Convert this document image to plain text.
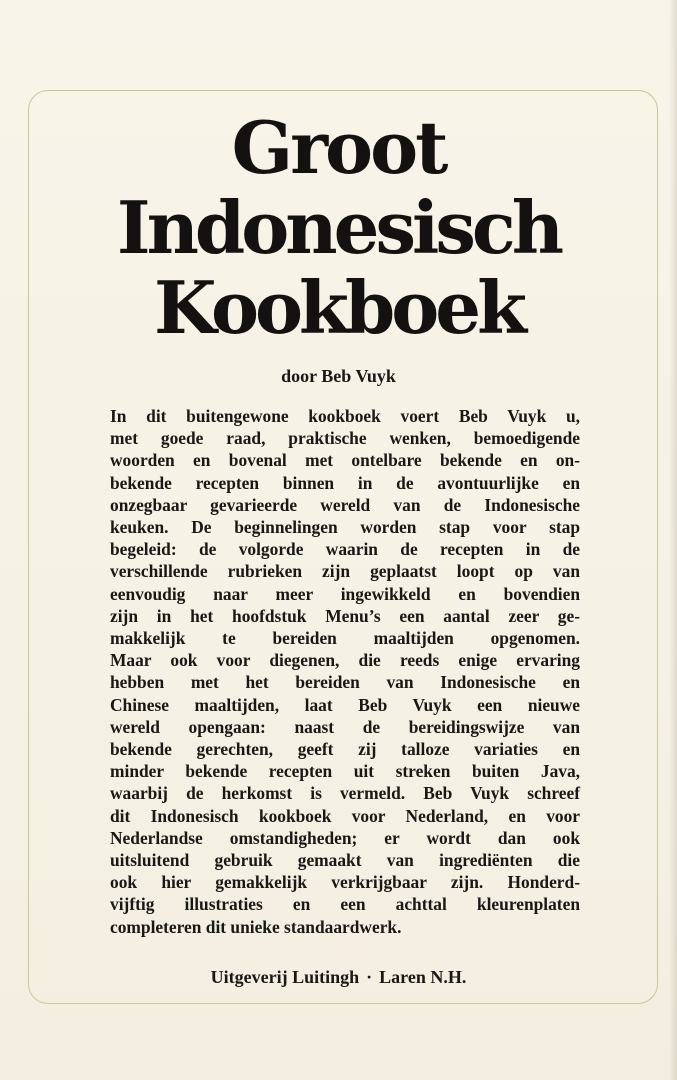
Groot
Indonesisch
Kookboek
door Beb Vuyk
In dit buitengewone kookboek voert Beb Vuyk u,
met goede raad, praktische wenken, bemoedigende
woorden en bovenal met ontelbare bekende en on-
bekende recepten binnen in de avontuurlijke en
onzegbaar gevarieerde wereld van de Indonesische
keuken. De beginnelingen worden stap voor stap
begeleid: de volgorde waarin de recepten in de
verschillende rubrieken zijn geplaatst loopt op van
eenvoudig naar meer ingewikkeld en bovendien
zijn in het hoofdstuk Menu’s een aantal zeer ge-
makkelijk te bereiden maaltijden opgenomen.
Maar ook voor diegenen, die reeds enige ervaring
hebben met het bereiden van Indonesische en
Chinese maaltijden, laat Beb Vuyk een nieuwe
wereld opengaan: naast de bereidingswijze van
bekende gerechten, geeft zij talloze variaties en
minder bekende recepten uit streken buiten Java,
waarbij de herkomst is vermeld. Beb Vuyk schreef
dit Indonesisch kookboek voor Nederland, en voor
Nederlandse omstandigheden; er wordt dan ook
uitsluitend gebruik gemaakt van ingrediënten die
ook hier gemakkelijk verkrijgbaar zijn. Honderd-
vijftig illustraties en een achttal kleurenplaten
completeren dit unieke standaardwerk.
Uitgeverij Luitingh · Laren N.H.
